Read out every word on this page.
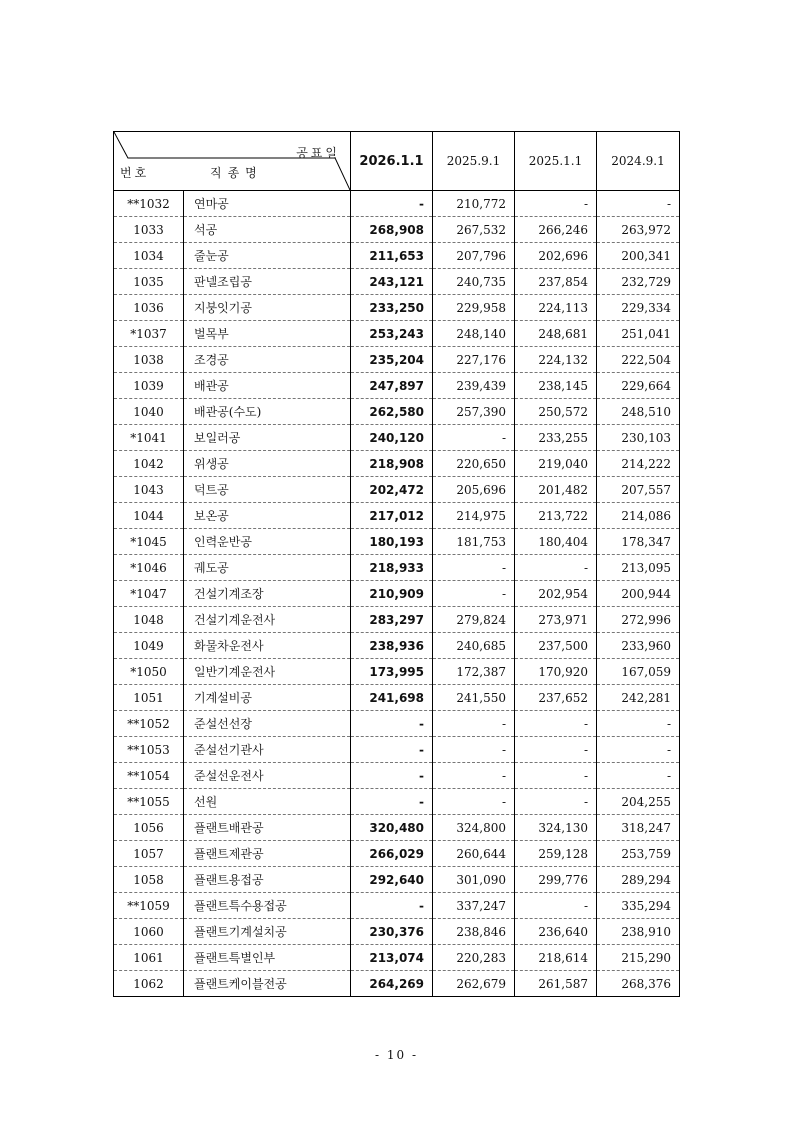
공표일
번호 직종명		2026.1.1	2025.9.1	2025.1.1	2024.9.1
**1032	연마공	-	210,772	-	-
1033	석공	268,908	267,532	266,246	263,972
1034	줄눈공	211,653	207,796	202,696	200,341
1035	판넬조립공	243,121	240,735	237,854	232,729
1036	지붕잇기공	233,250	229,958	224,113	229,334
*1037	벌목부	253,243	248,140	248,681	251,041
1038	조경공	235,204	227,176	224,132	222,504
1039	배관공	247,897	239,439	238,145	229,664
1040	배관공(수도)	262,580	257,390	250,572	248,510
*1041	보일러공	240,120	-	233,255	230,103
1042	위생공	218,908	220,650	219,040	214,222
1043	덕트공	202,472	205,696	201,482	207,557
1044	보온공	217,012	214,975	213,722	214,086
*1045	인력운반공	180,193	181,753	180,404	178,347
*1046	궤도공	218,933	-	-	213,095
*1047	건설기계조장	210,909	-	202,954	200,944
1048	건설기계운전사	283,297	279,824	273,971	272,996
1049	화물차운전사	238,936	240,685	237,500	233,960
*1050	일반기계운전사	173,995	172,387	170,920	167,059
1051	기계설비공	241,698	241,550	237,652	242,281
**1052	준설선선장	-	-	-	-
**1053	준설선기관사	-	-	-	-
**1054	준설선운전사	-	-	-	-
**1055	선원	-	-	-	204,255
1056	플랜트배관공	320,480	324,800	324,130	318,247
1057	플랜트제관공	266,029	260,644	259,128	253,759
1058	플랜트용접공	292,640	301,090	299,776	289,294
**1059	플랜트특수용접공	-	337,247	-	335,294
1060	플랜트기계설치공	230,376	238,846	236,640	238,910
1061	플랜트특별인부	213,074	220,283	218,614	215,290
1062	플랜트케이블전공	264,269	262,679	261,587	268,376
- 10 -
